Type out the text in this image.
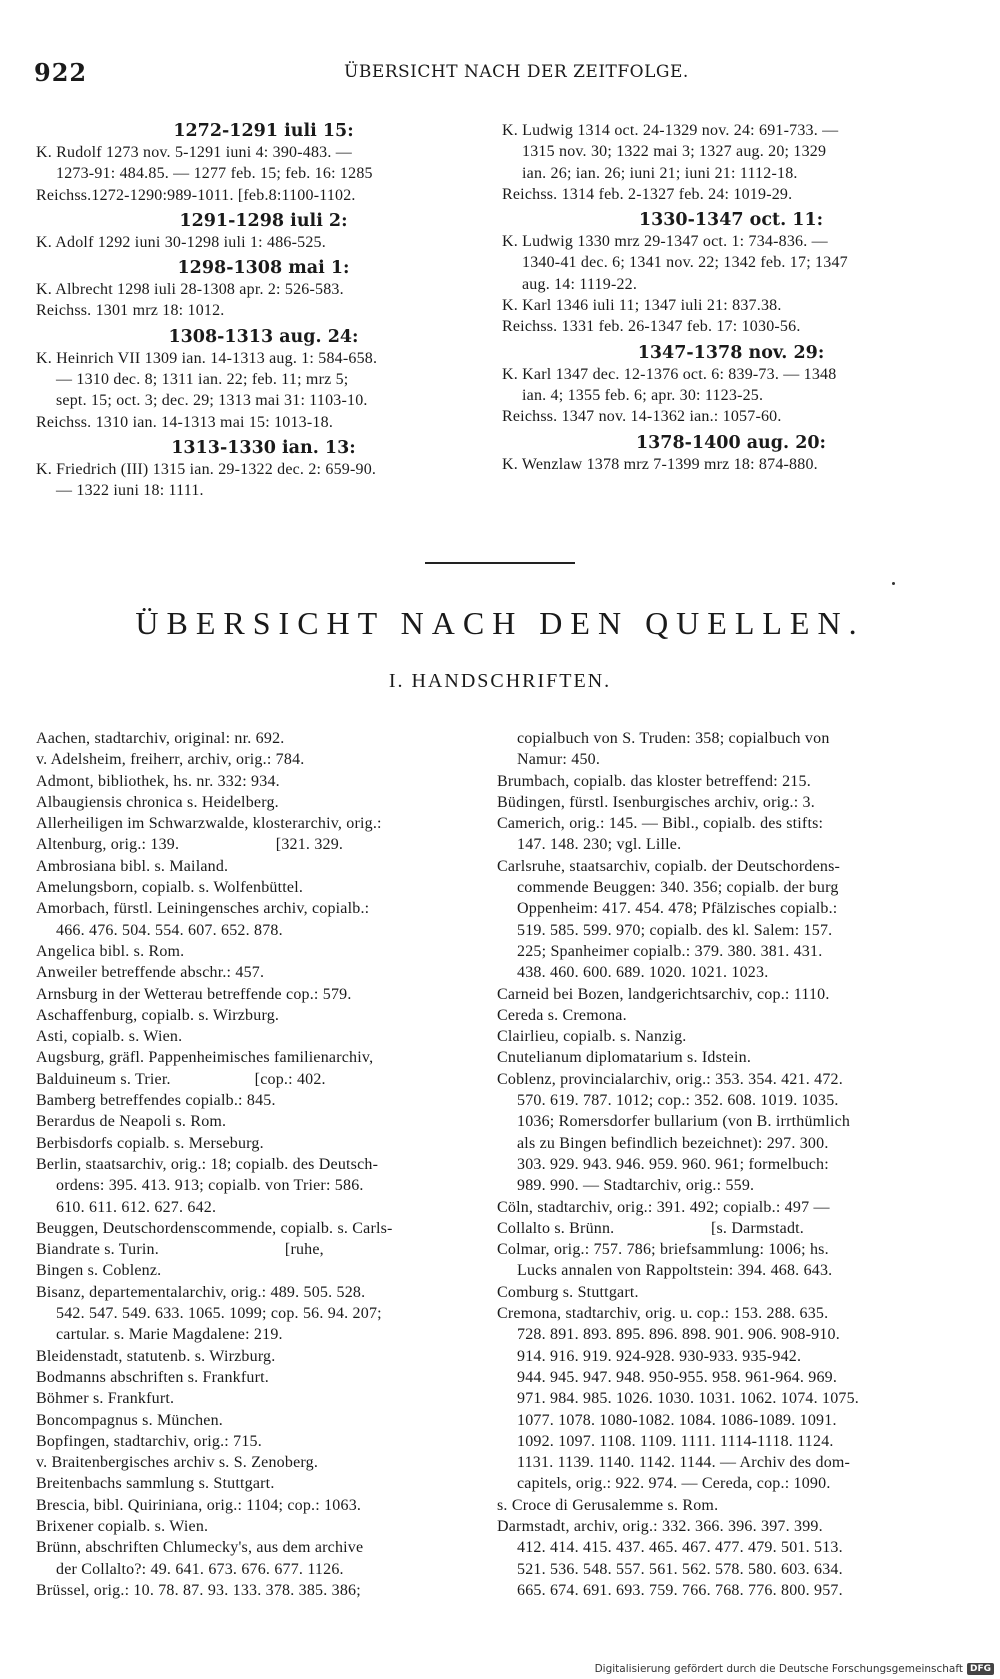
922	ÜBERSICHT NACH DER ZEITFOLGE.
1272-1291 iuli 15:
K. Rudolf 1273 nov. 5-1291 iuni 4: 390-483. —
1273-91: 484.85. — 1277 feb. 15; feb. 16: 1285
Reichss.1272-1290:989-1011. [feb.8:1100-1102.
1291-1298 iuli 2:
K. Adolf 1292 iuni 30-1298 iuli 1: 486-525.
1298-1308 mai 1:
K. Albrecht 1298 iuli 28-1308 apr. 2: 526-583.
Reichss. 1301 mrz 18: 1012.
1308-1313 aug. 24:
K. Heinrich VII 1309 ian. 14-1313 aug. 1: 584-658.
— 1310 dec. 8; 1311 ian. 22; feb. 11; mrz 5;
sept. 15; oct. 3; dec. 29; 1313 mai 31: 1103-10.
Reichss. 1310 ian. 14-1313 mai 15: 1013-18.
1313-1330 ian. 13:
K. Friedrich (III) 1315 ian. 29-1322 dec. 2: 659-90.
— 1322 iuni 18: 1111.
K. Ludwig 1314 oct. 24-1329 nov. 24: 691-733. —
1315 nov. 30; 1322 mai 3; 1327 aug. 20; 1329
ian. 26; ian. 26; iuni 21; iuni 21: 1112-18.
Reichss. 1314 feb. 2-1327 feb. 24: 1019-29.
1330-1347 oct. 11:
K. Ludwig 1330 mrz 29-1347 oct. 1: 734-836. —
1340-41 dec. 6; 1341 nov. 22; 1342 feb. 17; 1347
aug. 14: 1119-22.
K. Karl 1346 iuli 11; 1347 iuli 21: 837.38.
Reichss. 1331 feb. 26-1347 feb. 17: 1030-56.
1347-1378 nov. 29:
K. Karl 1347 dec. 12-1376 oct. 6: 839-73. — 1348
ian. 4; 1355 feb. 6; apr. 30: 1123-25.
Reichss. 1347 nov. 14-1362 ian.: 1057-60.
1378-1400 aug. 20:
K. Wenzlaw 1378 mrz 7-1399 mrz 18: 874-880.
ÜBERSICHT NACH DEN QUELLEN.
I. HANDSCHRIFTEN.
Aachen, stadtarchiv, original: nr. 692.
v. Adelsheim, freiherr, archiv, orig.: 784.
Admont, bibliothek, hs. nr. 332: 934.
Albaugiensis chronica s. Heidelberg.
Allerheiligen im Schwarzwalde, klosterarchiv, orig.:
Altenburg, orig.: 139.                       [321. 329.
Ambrosiana bibl. s. Mailand.
Amelungsborn, copialb. s. Wolfenbüttel.
Amorbach, fürstl. Leiningensches archiv, copialb.:
466. 476. 504. 554. 607. 652. 878.
Angelica bibl. s. Rom.
Anweiler betreffende abschr.: 457.
Arnsburg in der Wetterau betreffende cop.: 579.
Aschaffenburg, copialb. s. Wirzburg.
Asti, copialb. s. Wien.
Augsburg, gräfl. Pappenheimisches familienarchiv,
Balduineum s. Trier.                    [cop.: 402.
Bamberg betreffendes copialb.: 845.
Berardus de Neapoli s. Rom.
Berbisdorfs copialb. s. Merseburg.
Berlin, staatsarchiv, orig.: 18; copialb. des Deutsch-
ordens: 395. 413. 913; copialb. von Trier: 586.
610. 611. 612. 627. 642.
Beuggen, Deutschordenscommende, copialb. s. Carls-
Biandrate s. Turin.                              [ruhe,
Bingen s. Coblenz.
Bisanz, departementalarchiv, orig.: 489. 505. 528.
542. 547. 549. 633. 1065. 1099; cop. 56. 94. 207;
cartular. s. Marie Magdalene: 219.
Bleidenstadt, statutenb. s. Wirzburg.
Bodmanns abschriften s. Frankfurt.
Böhmer s. Frankfurt.
Boncompagnus s. München.
Bopfingen, stadtarchiv, orig.: 715.
v. Braitenbergisches archiv s. S. Zenoberg.
Breitenbachs sammlung s. Stuttgart.
Brescia, bibl. Quiriniana, orig.: 1104; cop.: 1063.
Brixener copialb. s. Wien.
Brünn, abschriften Chlumecky's, aus dem archive
der Collalto?: 49. 641. 673. 676. 677. 1126.
Brüssel, orig.: 10. 78. 87. 93. 133. 378. 385. 386;
copialbuch von S. Truden: 358; copialbuch von
Namur: 450.
Brumbach, copialb. das kloster betreffend: 215.
Büdingen, fürstl. Isenburgisches archiv, orig.: 3.
Camerich, orig.: 145. — Bibl., copialb. des stifts:
147. 148. 230; vgl. Lille.
Carlsruhe, staatsarchiv, copialb. der Deutschordens-
commende Beuggen: 340. 356; copialb. der burg
Oppenheim: 417. 454. 478; Pfälzisches copialb.:
519. 585. 599. 970; copialb. des kl. Salem: 157.
225; Spanheimer copialb.: 379. 380. 381. 431.
438. 460. 600. 689. 1020. 1021. 1023.
Carneid bei Bozen, landgerichtsarchiv, cop.: 1110.
Cereda s. Cremona.
Clairlieu, copialb. s. Nanzig.
Cnutelianum diplomatarium s. Idstein.
Coblenz, provincialarchiv, orig.: 353. 354. 421. 472.
570. 619. 787. 1012; cop.: 352. 608. 1019. 1035.
1036; Romersdorfer bullarium (von B. irrthümlich
als zu Bingen befindlich bezeichnet): 297. 300.
303. 929. 943. 946. 959. 960. 961; formelbuch:
989. 990. — Stadtarchiv, orig.: 559.
Cöln, stadtarchiv, orig.: 391. 492; copialb.: 497 —
Collalto s. Brünn.                       [s. Darmstadt.
Colmar, orig.: 757. 786; briefsammlung: 1006; hs.
Lucks annalen von Rappoltstein: 394. 468. 643.
Comburg s. Stuttgart.
Cremona, stadtarchiv, orig. u. cop.: 153. 288. 635.
728. 891. 893. 895. 896. 898. 901. 906. 908-910.
914. 916. 919. 924-928. 930-933. 935-942.
944. 945. 947. 948. 950-955. 958. 961-964. 969.
971. 984. 985. 1026. 1030. 1031. 1062. 1074. 1075.
1077. 1078. 1080-1082. 1084. 1086-1089. 1091.
1092. 1097. 1108. 1109. 1111. 1114-1118. 1124.
1131. 1139. 1140. 1142. 1144. — Archiv des dom-
capitels, orig.: 922. 974. — Cereda, cop.: 1090.
s. Croce di Gerusalemme s. Rom.
Darmstadt, archiv, orig.: 332. 366. 396. 397. 399.
412. 414. 415. 437. 465. 467. 477. 479. 501. 513.
521. 536. 548. 557. 561. 562. 578. 580. 603. 634.
665. 674. 691. 693. 759. 766. 768. 776. 800. 957.
Digitalisierung gefördert durch die Deutsche Forschungsgemeinschaft DFG
